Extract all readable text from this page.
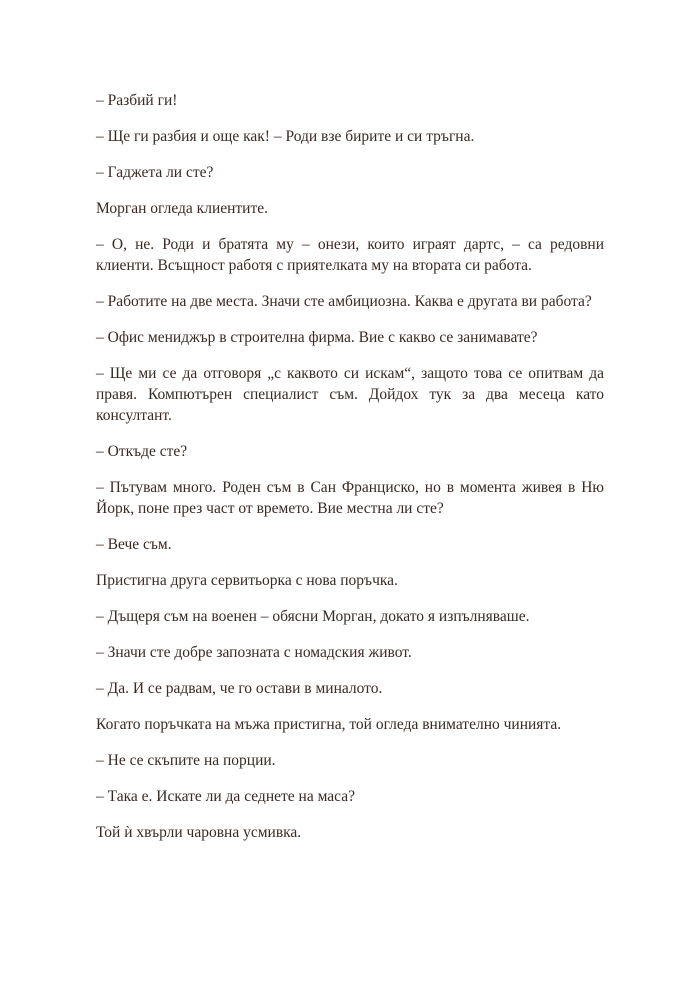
– Разбий ги!

– Ще ги разбия и още как! – Роди взе бирите и си тръгна.

– Гаджета ли сте?

Морган огледа клиентите.

– О, не. Роди и братята му – онези, които играят дартс, – са редовни клиенти. Всъщност работя с приятелката му на втората си работа.

– Работите на две места. Значи сте амбициозна. Каква е другата ви работа?

– Офис мениджър в строителна фирма. Вие с какво се занимавате?

– Ще ми се да отговоря „с каквото си искам“, защото това се опитвам да правя. Компютърен специалист съм. Дойдох тук за два месеца като консултант.

– Откъде сте?

– Пътувам много. Роден съм в Сан Франциско, но в момента живея в Ню Йорк, поне през част от времето. Вие местна ли сте?

– Вече съм.

Пристигна друга сервитьорка с нова поръчка.

– Дъщеря съм на военен – обясни Морган, докато я изпълняваше.

– Значи сте добре запозната с номадския живот.

– Да. И се радвам, че го остави в миналото.

Когато поръчката на мъжа пристигна, той огледа внимателно чинията.

– Не се скъпите на порции.

– Така е. Искате ли да седнете на маса?

Той ѝ хвърли чаровна усмивка.
